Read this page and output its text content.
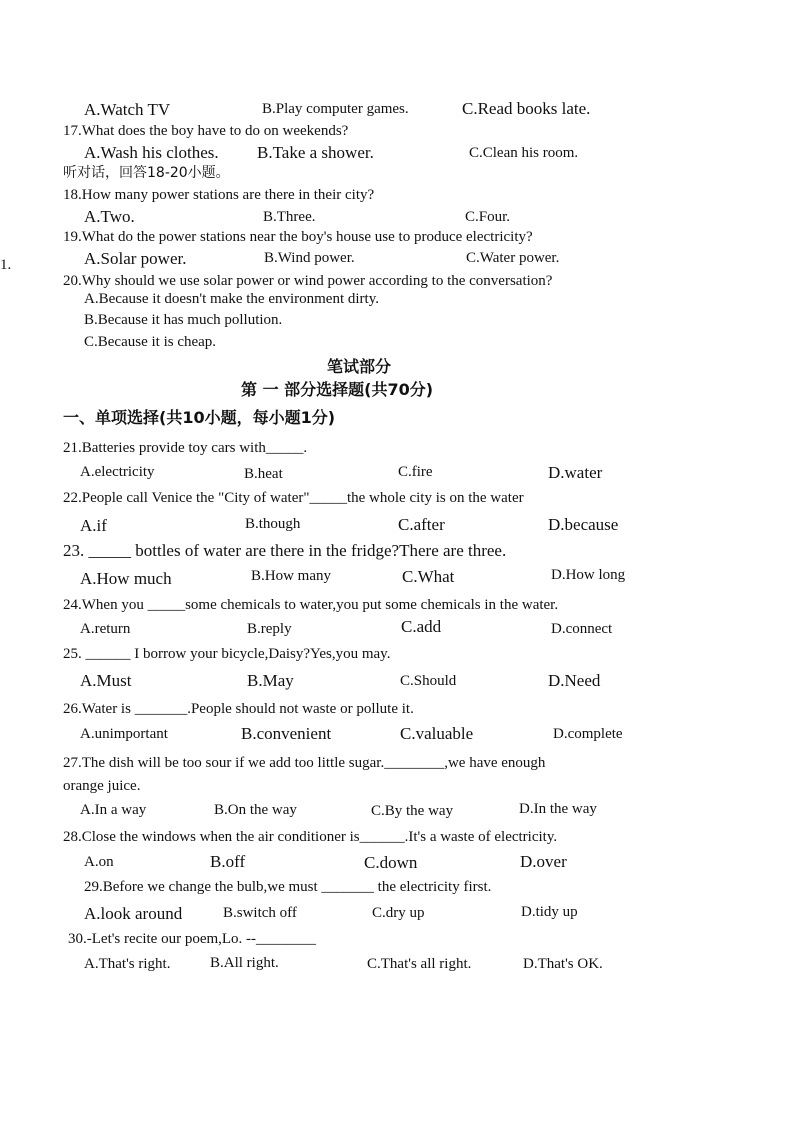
1.
A.Watch TV	B.Play computer games.	C.Read books late.
17.What does the boy have to do on weekends?
A.Wash his clothes. B.Take a shower.	C.Clean his room.
听对话，回答18-20小题。
18.How many power stations are there in their city?
A.Two.	B.Three.	C.Four.
19.What do the power stations near the boy's house use to produce electricity?
A.Solar power.	B.Wind power.	C.Water power.
20.Why should we use solar power or wind power according to the conversation?
A.Because it doesn't make the environment dirty.
B.Because it has much pollution.
C.Because it is cheap.
笔试部分
第 一 部分选择题(共70分)
一、单项选择(共10小题，每小题1分)
21.Batteries provide toy cars with_____.
A.electricity	B.heat	C.fire	D.water
22.People call Venice the "City of water"_____the whole city is on the water
A.if	B.though	C.after	D.because
23. _____ bottles of water are there in the fridge?There are three.
A.How much	B.How many	C.What	D.How long
24.When you _____some chemicals to water,you put some chemicals in the water.
A.return	B.reply	C.add	D.connect
25. ______ I borrow your bicycle,Daisy?Yes,you may.
A.Must	B.May	C.Should	D.Need
26.Water is _______.People should not waste or pollute it.
A.unimportant	B.convenient	C.valuable	D.complete
27.The dish will be too sour if we add too little sugar.________,we have enough
orange juice.
A.In a way	B.On the way	C.By the way	D.In the way
28.Close the windows when the air conditioner is______.It's a waste of electricity.
A.on	B.off	C.down	D.over
29.Before we change the bulb,we must _______ the electricity first.
A.look around	B.switch off	C.dry up	D.tidy up
30.-Let's recite our poem,Lo. --________
A.That's right.	B.All right.	C.That's all right.	D.That's OK.
